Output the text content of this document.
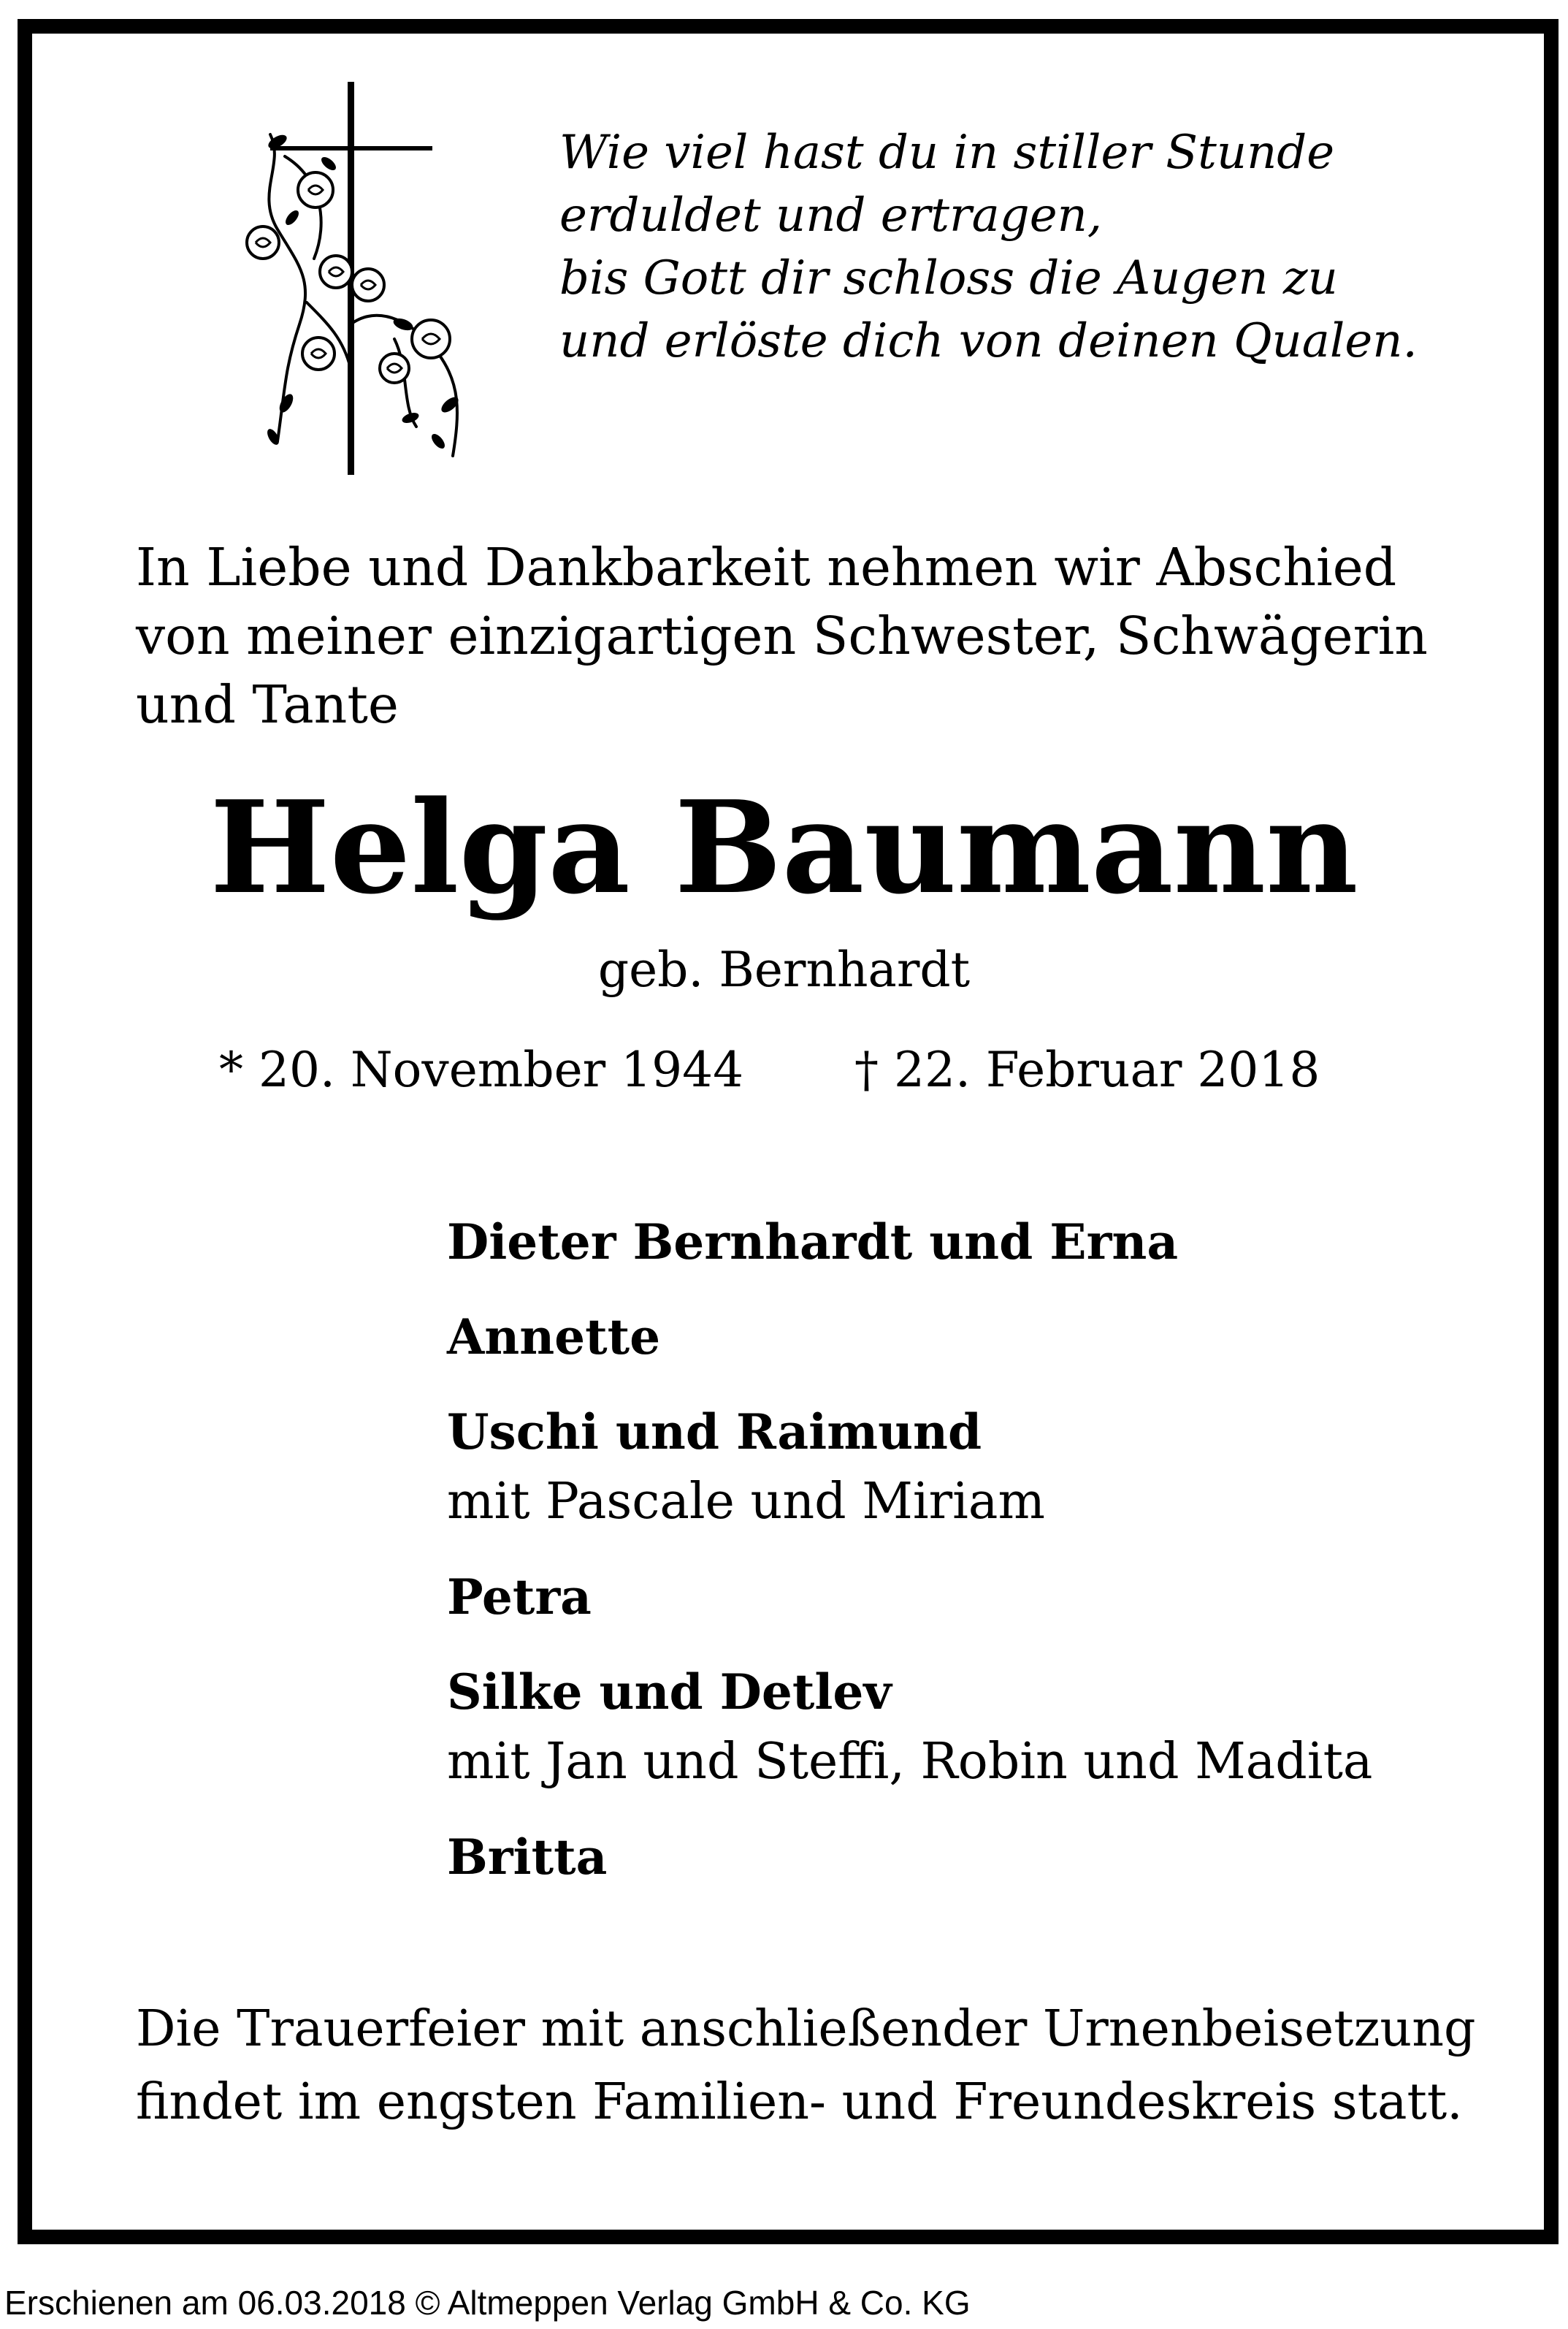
Wie viel hast du in stiller Stunde
erduldet und ertragen,
bis Gott dir schloss die Augen zu
und erlöste dich von deinen Qualen.
In Liebe und Dankbarkeit nehmen wir Abschied
von meiner einzigartigen Schwester, Schwägerin
und Tante
Helga Baumann
geb. Bernhardt
* 20. November 1944 † 22. Februar 2018
Dieter Bernhardt und Erna
Annette
Uschi und Raimund
mit Pascale und Miriam
Petra
Silke und Detlev
mit Jan und Steffi, Robin und Madita
Britta
Die Trauerfeier mit anschließender Urnenbeisetzung
findet im engsten Familien- und Freundeskreis statt.
Erschienen am 06.03.2018 © Altmeppen Verlag GmbH & Co. KG
